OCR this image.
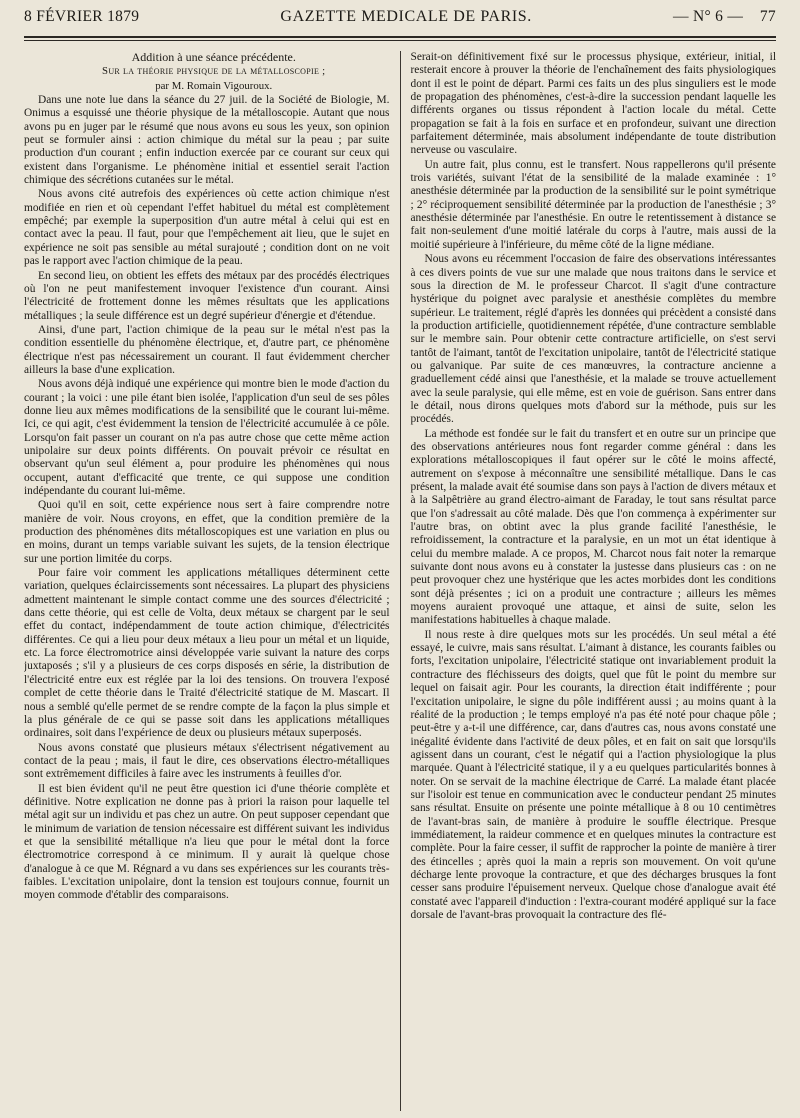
8 FÉVRIER 1879	GAZETTE MEDICALE DE PARIS.	— N° 6 — 77

Addition à une séance précédente.

Sur la théorie physique de la métalloscopie ;

par M. Romain Vigouroux.

Dans une note lue dans la séance du 27 juil. de la Société de Biologie, M. Onimus a esquissé une théorie physique de la métalloscopie. Autant que nous avons pu en juger par le résumé que nous avons eu sous les yeux, son opinion peut se formuler ainsi : action chimique du métal sur la peau ; par suite production d'un courant ; enfin induction exercée par ce courant sur ceux qui existent dans l'organisme. Le phénomène initial et essentiel serait l'action chimique des sécrétions cutanées sur le métal.

Nous avons cité autrefois des expériences où cette action chimique n'est modifiée en rien et où cependant l'effet habituel du métal est complètement empêché; par exemple la superposition d'un autre métal à celui qui est en contact avec la peau. Il faut, pour que l'empêchement ait lieu, que le sujet en expérience ne soit pas sensible au métal surajouté ; condition dont on ne voit pas le rapport avec l'action chimique de la peau.

En second lieu, on obtient les effets des métaux par des procédés électriques où l'on ne peut manifestement invoquer l'existence d'un courant. Ainsi l'électricité de frottement donne les mêmes résultats que les applications métalliques ; la seule différence est un degré supérieur d'énergie et d'étendue.

Ainsi, d'une part, l'action chimique de la peau sur le métal n'est pas la condition essentielle du phénomène électrique, et, d'autre part, ce phénomène électrique n'est pas nécessairement un courant. Il faut évidemment chercher ailleurs la base d'une explication.

Nous avons déjà indiqué une expérience qui montre bien le mode d'action du courant ; la voici : une pile étant bien isolée, l'application d'un seul de ses pôles donne lieu aux mêmes modifications de la sensibilité que le courant lui-même. Ici, ce qui agit, c'est évidemment la tension de l'électricité accumulée à ce pôle. Lorsqu'on fait passer un courant on n'a pas autre chose que cette même action unipolaire sur deux points différents. On pouvait prévoir ce résultat en observant qu'un seul élément a, pour produire les phénomènes qui nous occupent, autant d'efficacité que trente, ce qui suppose une condition indépendante du courant lui-même.

Quoi qu'il en soit, cette expérience nous sert à faire comprendre notre manière de voir. Nous croyons, en effet, que la condition première de la production des phénomènes dits métalloscopiques est une variation en plus ou en moins, durant un temps variable suivant les sujets, de la tension électrique sur une portion limitée du corps.

Pour faire voir comment les applications métalliques déterminent cette variation, quelques éclaircissements sont nécessaires. La plupart des physiciens admettent maintenant le simple contact comme une des sources d'électricité ; dans cette théorie, qui est celle de Volta, deux métaux se chargent par le seul effet du contact, indépendamment de toute action chimique, d'électricités différentes. Ce qui a lieu pour deux métaux a lieu pour un métal et un liquide, etc. La force électromotrice ainsi développée varie suivant la nature des corps juxtaposés ; s'il y a plusieurs de ces corps disposés en série, la distribution de l'électricité entre eux est réglée par la loi des tensions. On trouvera l'exposé complet de cette théorie dans le Traité d'électricité statique de M. Mascart. Il nous a semblé qu'elle permet de se rendre compte de la façon la plus simple et la plus générale de ce qui se passe soit dans les applications métalliques ordinaires, soit dans l'expérience de deux ou plusieurs métaux superposés.

Nous avons constaté que plusieurs métaux s'électrisent négativement au contact de la peau ; mais, il faut le dire, ces observations électro-métalliques sont extrêmement difficiles à faire avec les instruments à feuilles d'or.

Il est bien évident qu'il ne peut être question ici d'une théorie complète et définitive. Notre explication ne donne pas à priori la raison pour laquelle tel métal agit sur un individu et pas chez un autre. On peut supposer cependant que le minimum de variation de tension nécessaire est différent suivant les individus et que la sensibilité métallique n'a lieu que pour le métal dont la force électromotrice correspond à ce minimum. Il y aurait là quelque chose d'analogue à ce que M. Régnard a vu dans ses expériences sur les courants très-faibles. L'excitation unipolaire, dont la tension est toujours connue, fournit un moyen commode d'établir des comparaisons.

Serait-on définitivement fixé sur le processus physique, extérieur, initial, il resterait encore à prouver la théorie de l'enchaînement des faits physiologiques dont il est le point de départ. Parmi ces faits un des plus singuliers est le mode de propagation des phénomènes, c'est-à-dire la succession pendant laquelle les différents organes ou tissus répondent à l'action locale du métal. Cette propagation se fait à la fois en surface et en profondeur, suivant une direction parfaitement déterminée, mais absolument indépendante de toute distribution nerveuse ou vasculaire.

Un autre fait, plus connu, est le transfert. Nous rappellerons qu'il présente trois variétés, suivant l'état de la sensibilité de la malade examinée : 1° anesthésie déterminée par la production de la sensibilité sur le point symétrique ; 2° réciproquement sensibilité déterminée par la production de l'anesthésie ; 3° anesthésie déterminée par l'anesthésie. En outre le retentissement à distance se fait non-seulement d'une moitié latérale du corps à l'autre, mais aussi de la moitié supérieure à l'inférieure, du même côté de la ligne médiane.

Nous avons eu récemment l'occasion de faire des observations intéressantes à ces divers points de vue sur une malade que nous traitons dans le service et sous la direction de M. le professeur Charcot. Il s'agit d'une contracture hystérique du poignet avec paralysie et anesthésie complètes du membre supérieur. Le traitement, réglé d'après les données qui précèdent a consisté dans la production artificielle, quotidiennement répétée, d'une contracture semblable sur le membre sain. Pour obtenir cette contracture artificielle, on s'est servi tantôt de l'aimant, tantôt de l'excitation unipolaire, tantôt de l'électricité statique ou galvanique. Par suite de ces manœuvres, la contracture ancienne a graduellement cédé ainsi que l'anesthésie, et la malade se trouve actuellement avec la seule paralysie, qui elle même, est en voie de guérison. Sans entrer dans le détail, nous dirons quelques mots d'abord sur la méthode, puis sur les procédés.

La méthode est fondée sur le fait du transfert et en outre sur un principe que des observations antérieures nous font regarder comme général : dans les explorations métalloscopiques il faut opérer sur le côté le moins affecté, autrement on s'expose à méconnaître une sensibilité métallique. Dans le cas présent, la malade avait été soumise dans son pays à l'action de divers métaux et à la Salpêtrière au grand électro-aimant de Faraday, le tout sans résultat parce que l'on s'adressait au côté malade. Dès que l'on commença à expérimenter sur l'autre bras, on obtint avec la plus grande facilité l'anesthésie, le refroidissement, la contracture et la paralysie, en un mot un état identique à celui du membre malade. A ce propos, M. Charcot nous fait noter la remarque suivante dont nous avons eu à constater la justesse dans plusieurs cas : on ne peut provoquer chez une hystérique que les actes morbides dont les conditions sont déjà présentes ; ici on a produit une contracture ; ailleurs les mêmes moyens auraient provoqué une attaque, et ainsi de suite, selon les manifestations habituelles à chaque malade.

Il nous reste à dire quelques mots sur les procédés. Un seul métal a été essayé, le cuivre, mais sans résultat. L'aimant à distance, les courants faibles ou forts, l'excitation unipolaire, l'électricité statique ont invariablement produit la contracture des fléchisseurs des doigts, quel que fût le point du membre sur lequel on faisait agir. Pour les courants, la direction était indifférente ; pour l'excitation unipolaire, le signe du pôle indifférent aussi ; au moins quant à la réalité de la production ; le temps employé n'a pas été noté pour chaque pôle ; peut-être y a-t-il une différence, car, dans d'autres cas, nous avons constaté une inégalité évidente dans l'activité de deux pôles, et en fait on sait que lorsqu'ils agissent dans un courant, c'est le négatif qui a l'action physiologique la plus marquée. Quant à l'électricité statique, il y a eu quelques particularités bonnes à noter. On se servait de la machine électrique de Carré. La malade étant placée sur l'isoloir est tenue en communication avec le conducteur pendant 25 minutes sans résultat. Ensuite on présente une pointe métallique à 8 ou 10 centimètres de l'avant-bras sain, de manière à produire le souffle électrique. Presque immédiatement, la raideur commence et en quelques minutes la contracture est complète. Pour la faire cesser, il suffit de rapprocher la pointe de manière à tirer des étincelles ; après quoi la main a repris son mouvement. On voit qu'une décharge lente provoque la contracture, et que des décharges brusques la font cesser sans produire l'épuisement nerveux. Quelque chose d'analogue avait été constaté avec l'appareil d'induction : l'extra-courant modéré appliqué sur la face dorsale de l'avant-bras provoquait la contracture des flé-
